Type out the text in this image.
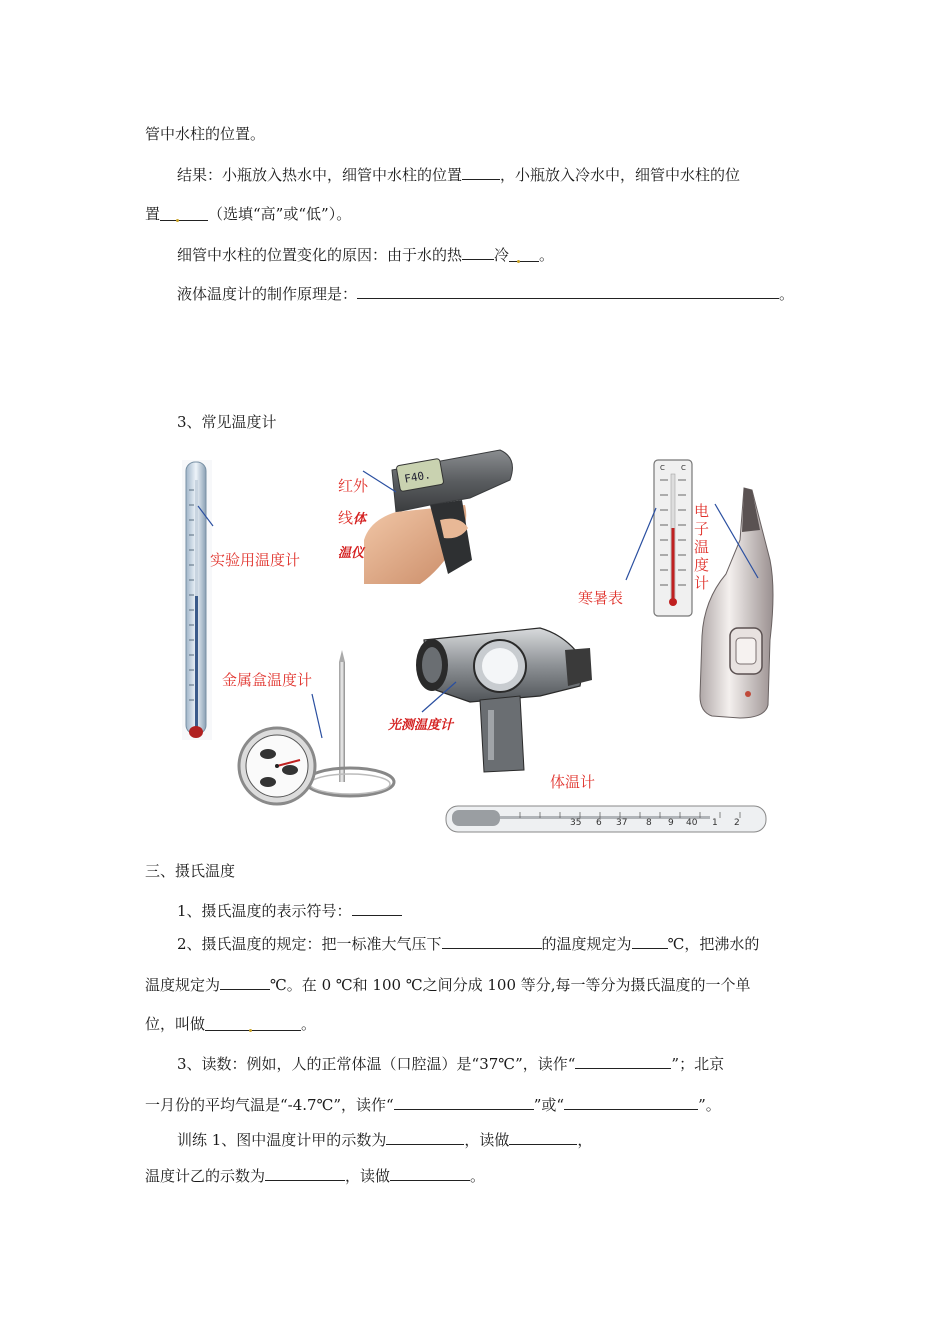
管中水柱的位置。
结果：小瓶放入热水中，细管中水柱的位置	，小瓶放入冷水中，细管中水柱的位
置	（选填“高”或“低”）。
细管中水柱的位置变化的原因：由于水的热 冷 。
液体温度计的制作原理是：	。
3、常见温度计
F40.
C C
35 6 37 8 9 40 1 2
实验用温度计
红外
线体
温仪
电
子
温
度
计
寒暑表
金属盒温度计
光测温度计
体温计
三、摄氏温度
1、摄氏温度的表示符号：
2、摄氏温度的规定：把一标准大气压下	的温度规定为 ℃，把沸水的
温度规定为	℃。在 0 ℃和 100 ℃之间分成 100 等分,每一等分为摄氏温度的一个单
位，叫做	。
3、读数：例如，人的正常体温（口腔温）是“37℃”，读作“	”；北京
一月份的平均气温是“-4.7℃”，读作“	”或“	”。
训练 1、图中温度计甲的示数为	，读做	，
温度计乙的示数为	，读做	。
